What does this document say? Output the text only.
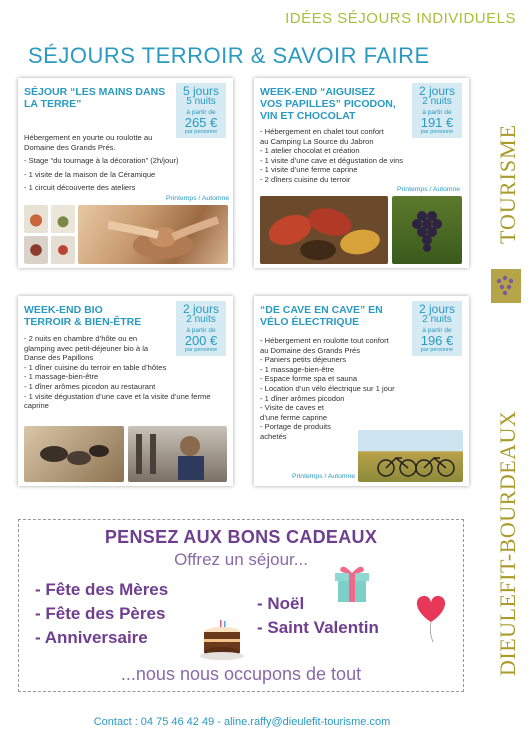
IDÉES SÉJOURS INDIVIDUELS
SÉJOURS TERROIR & SAVOIR FAIRE
SÉJOUR “LES MAINS DANS
LA TERRE”
5 jours
5 nuits
à partir de
265 €
par personne
Hébergement en yourte ou roulotte au
Domaine des Grands Prés.
- Stage “du tournage à la décoration” (2h/jour)
- 1 visite de la maison de la Céramique
- 1 circuit découverte des ateliers
Printemps / Automne
WEEK-END “AIGUISEZ
VOS PAPILLES” PICODON,
VIN ET CHOCOLAT
2 jours
2 nuits
à partir de
191 €
par personne
- Hébergement en chalet tout confort
au Camping La Source du Jabron
- 1 atelier chocolat et création
- 1 visite d’une cave et dégustation de vins
- 1 visite d’une ferme caprine
- 2 dîners cuisine du terroir
Printemps / Automne
WEEK-END BIO
TERROIR & BIEN-ÊTRE
2 jours
2 nuits
à partir de
200 €
par personne
- 2 nuits en chambre d’hôte ou en
glamping avec petit-déjeuner bio à la
Danse des Papillons
- 1 dîner cuisine du terroir en table d’hôtes
- 1 massage-bien-être
- 1 dîner arômes picodon au restaurant
- 1 visite dégustation d’une cave et la visite d’une ferme
caprine
“DE CAVE EN CAVE” EN
VÉLO ÉLECTRIQUE
2 jours
2 nuits
à partir de
196 €
par personne
- Hébergement en roulotte tout confort
au Domaine des Grands Prés
- Paniers petits déjeuners
- 1 massage-bien-être
- Espace forme spa et sauna
- Location d’un vélo électrique sur 1 jour
- 1 dîner arômes picodon
- Visite de caves et
d’une ferme caprine
- Portage de produits
achetés
Printemps / Automne
PENSEZ AUX BONS CADEAUX
Offrez un séjour...
- Fête des Mères
- Fête des Pères
- Anniversaire
- Noël
- Saint Valentin
...nous nous occupons de tout
Contact : 04 75 46 42 49 - aline.raffy@dieulefit-tourisme.com
TOURISME
DIEULEFIT-BOURDEAUX
